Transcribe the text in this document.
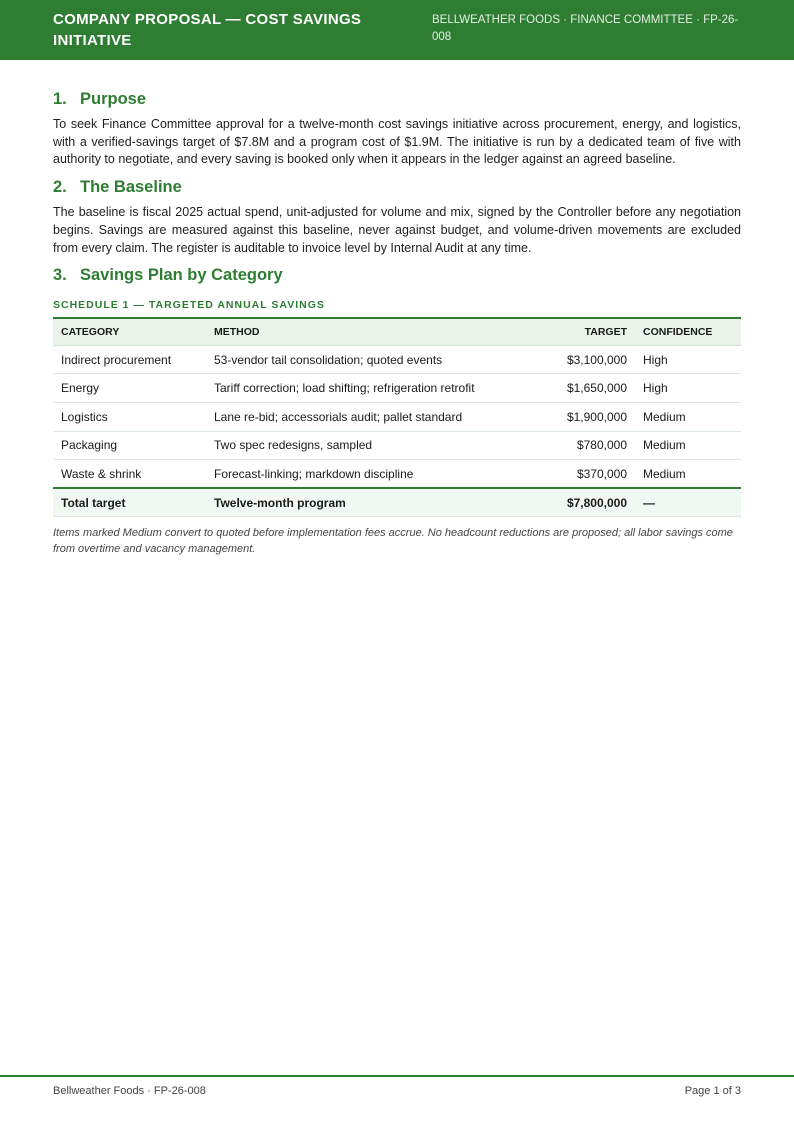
COMPANY PROPOSAL — COST SAVINGS INITIATIVE
BELLWEATHER FOODS · FINANCE COMMITTEE · FP-26-008
1. Purpose

To seek Finance Committee approval for a twelve-month cost savings initiative across procurement, energy, and logistics, with a verified-savings target of $7.8M and a program cost of $1.9M. The initiative is run by a dedicated team of five with authority to negotiate, and every saving is booked only when it appears in the ledger against an agreed baseline.

2. The Baseline

The baseline is fiscal 2025 actual spend, unit-adjusted for volume and mix, signed by the Controller before any negotiation begins. Savings are measured against this baseline, never against budget, and volume-driven movements are excluded from every claim. The register is auditable to invoice level by Internal Audit at any time.

3. Savings Plan by Category
SCHEDULE 1 — TARGETED ANNUAL SAVINGS
CATEGORY	METHOD	TARGET	CONFIDENCE
Indirect procurement	53-vendor tail consolidation; quoted events	$3,100,000	High
Energy	Tariff correction; load shifting; refrigeration retrofit	$1,650,000	High
Logistics	Lane re-bid; accessorials audit; pallet standard	$1,900,000	Medium
Packaging	Two spec redesigns, sampled	$780,000	Medium
Waste & shrink	Forecast-linking; markdown discipline	$370,000	Medium
Total target	Twelve-month program	$7,800,000	—

Items marked Medium convert to quoted before implementation fees accrue. No headcount reductions are proposed; all labor savings come from overtime and vacancy management.

Bellweather Foods · FP-26-008	Page 1 of 3
